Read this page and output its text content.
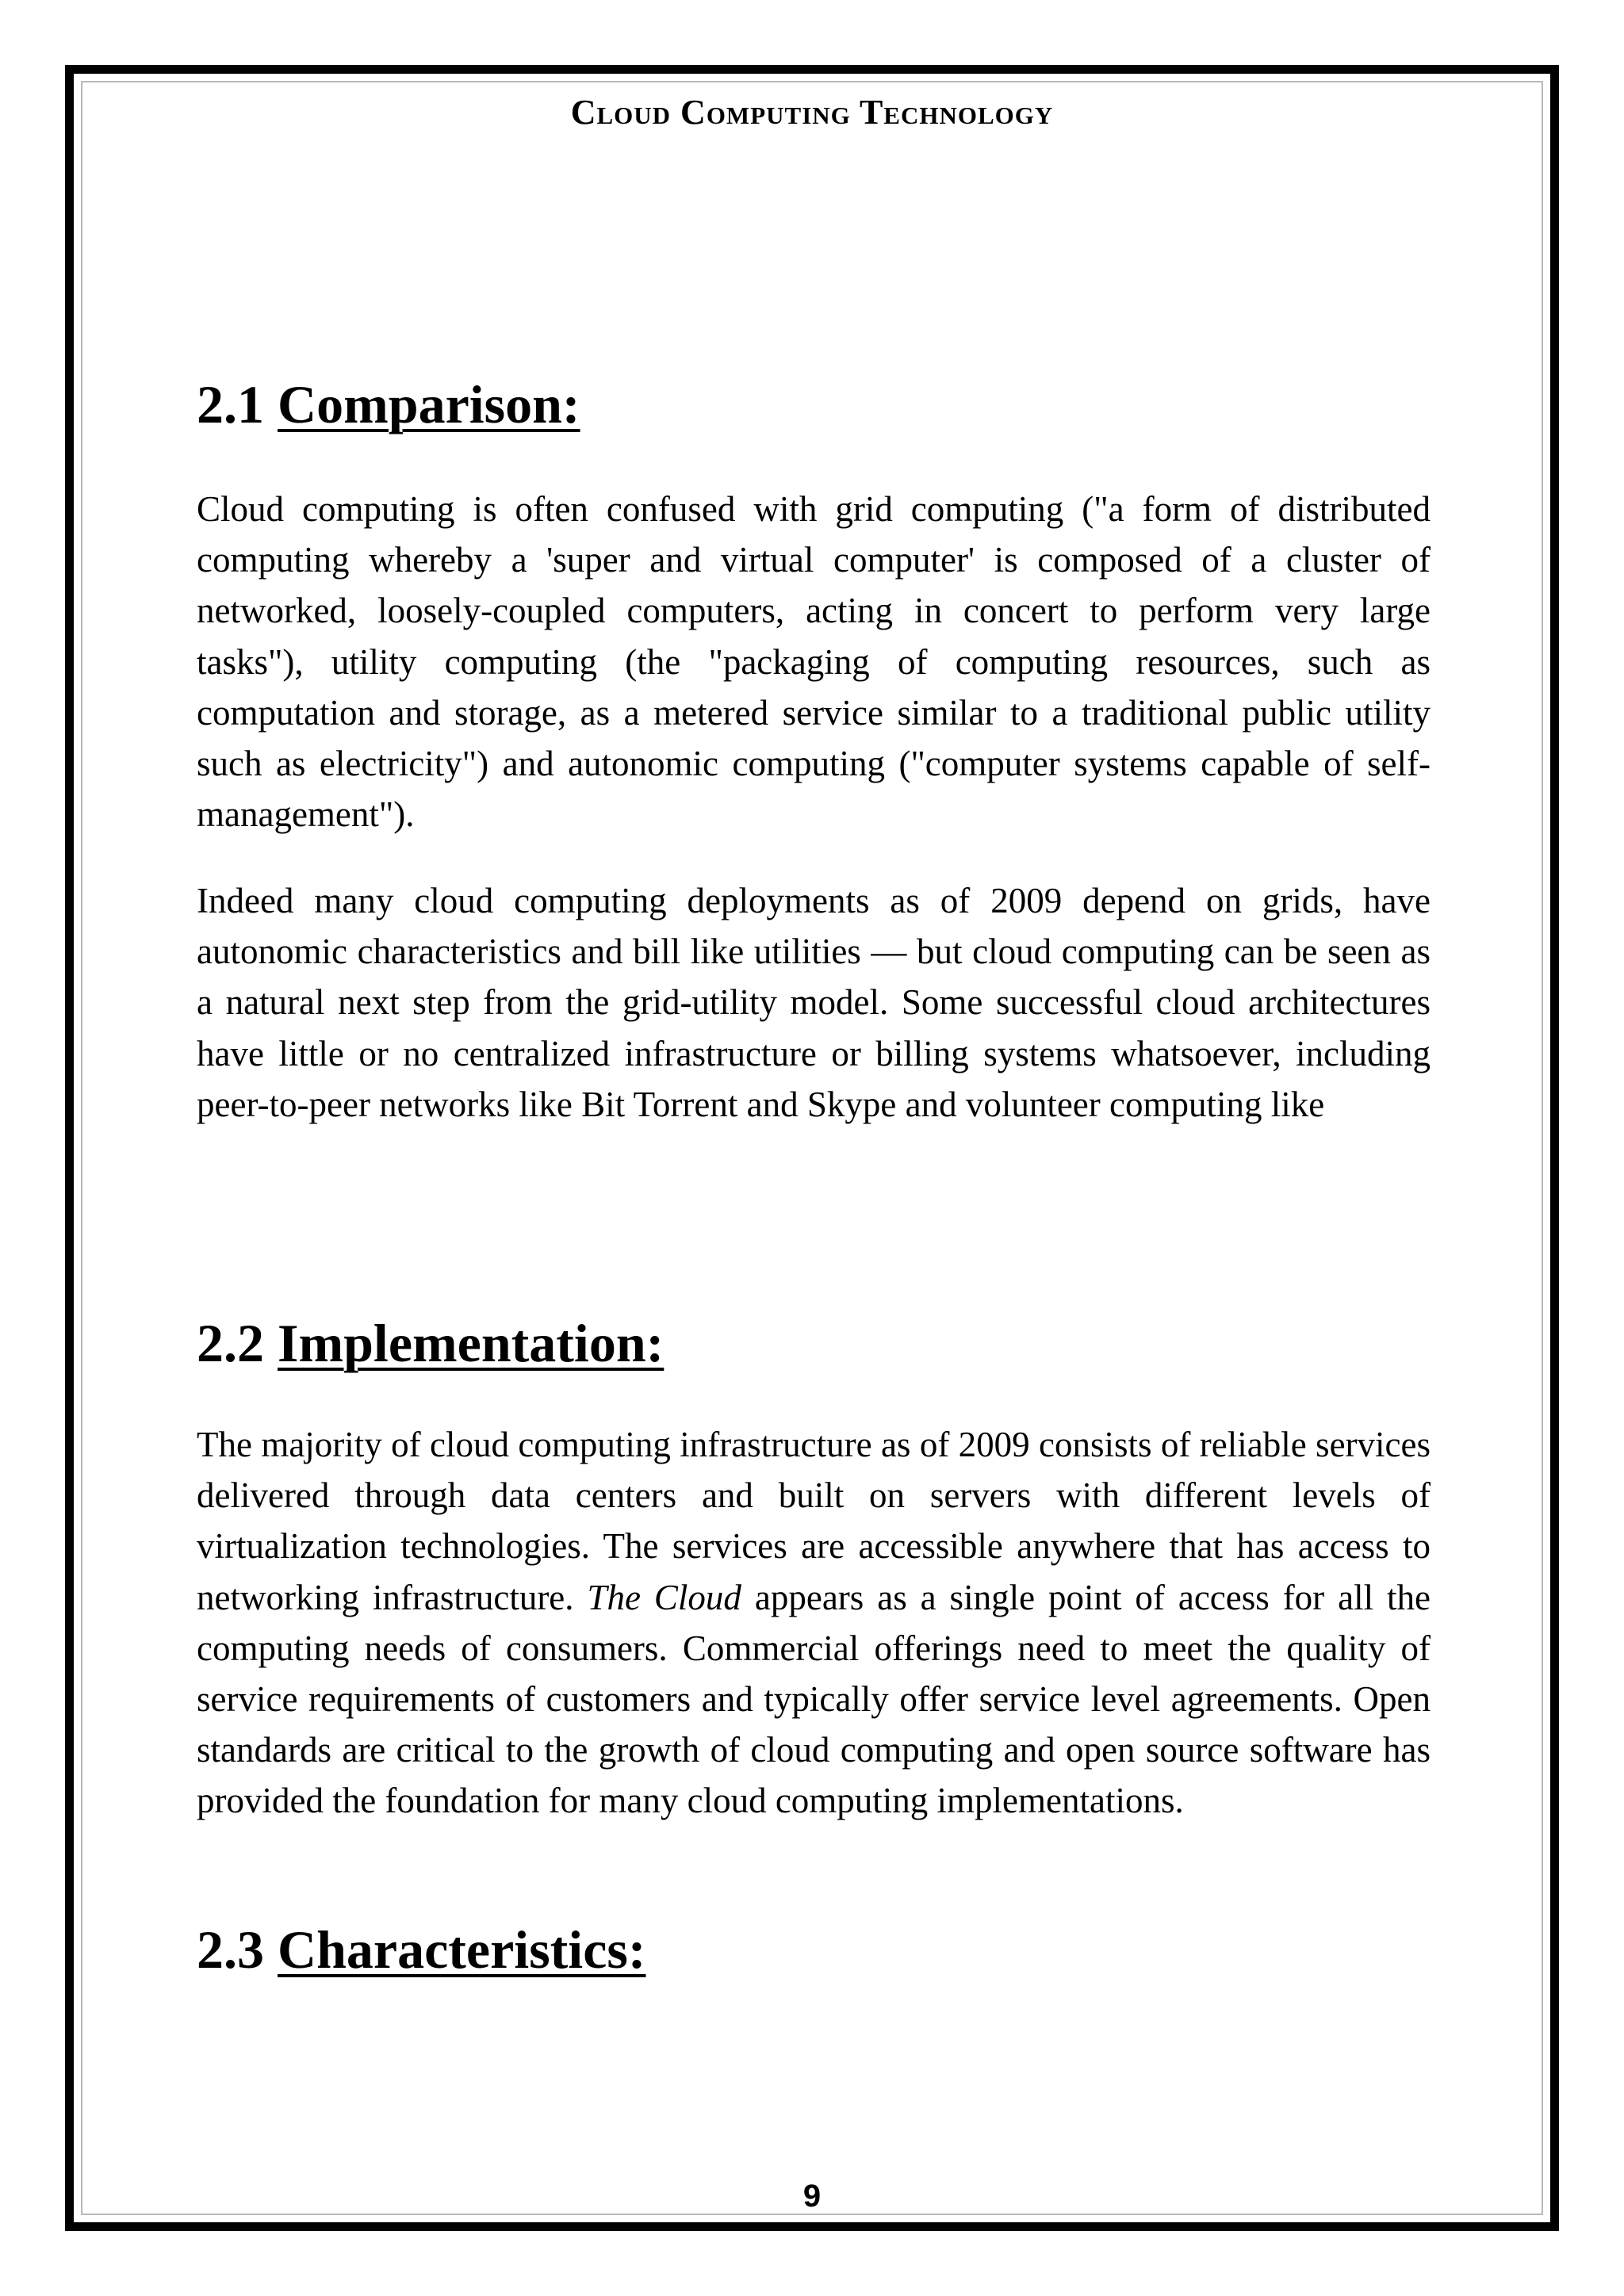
Cloud Computing Technology
2.1 Comparison:

Cloud computing is often confused with grid computing ("a form of distributed computing whereby a 'super and virtual computer' is composed of a cluster of networked, loosely-coupled computers, acting in concert to perform very large tasks"), utility computing (the "packaging of computing resources, such as computation and storage, as a metered service similar to a traditional public utility such as electricity") and autonomic computing ("computer systems capable of self-management").

Indeed many cloud computing deployments as of 2009 depend on grids, have autonomic characteristics and bill like utilities — but cloud computing can be seen as a natural next step from the grid-utility model. Some successful cloud architectures have little or no centralized infrastructure or billing systems whatsoever, including peer-to-peer networks like Bit Torrent and Skype and volunteer computing like

2.2 Implementation:

The majority of cloud computing infrastructure as of 2009 consists of reliable services delivered through data centers and built on servers with different levels of virtualization technologies. The services are accessible anywhere that has access to networking infrastructure. The Cloud appears as a single point of access for all the computing needs of consumers. Commercial offerings need to meet the quality of service requirements of customers and typically offer service level agreements. Open standards are critical to the growth of cloud computing and open source software has provided the foundation for many cloud computing implementations.

2.3 Characteristics:
9
